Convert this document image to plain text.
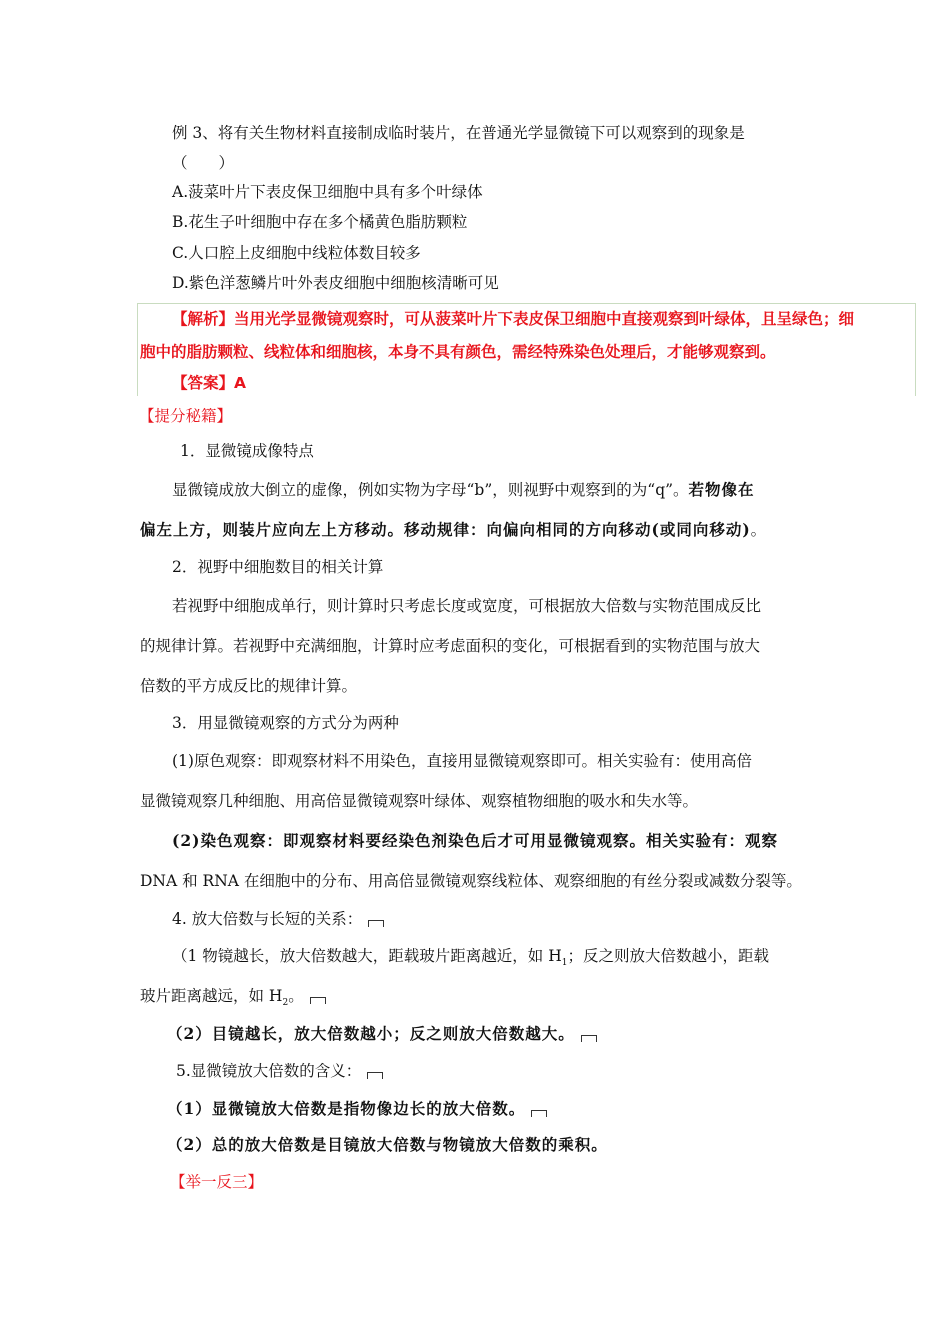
例 3、将有关生物材料直接制成临时装片，在普通光学显微镜下可以观察到的现象是
（　　）
A.菠菜叶片下表皮保卫细胞中具有多个叶绿体
B.花生子叶细胞中存在多个橘黄色脂肪颗粒
C.人口腔上皮细胞中线粒体数目较多
D.紫色洋葱鳞片叶外表皮细胞中细胞核清晰可见
【解析】当用光学显微镜观察时，可从菠菜叶片下表皮保卫细胞中直接观察到叶绿体，且呈绿色；细
胞中的脂肪颗粒、线粒体和细胞核，本身不具有颜色，需经特殊染色处理后，才能够观察到。
【答案】A
【提分秘籍】
1．显微镜成像特点
显微镜成放大倒立的虚像，例如实物为字母“b”，则视野中观察到的为“q”。若物像在
偏左上方，则装片应向左上方移动。移动规律：向偏向相同的方向移动(或同向移动)。
2．视野中细胞数目的相关计算
若视野中细胞成单行，则计算时只考虑长度或宽度，可根据放大倍数与实物范围成反比
的规律计算。若视野中充满细胞，计算时应考虑面积的变化，可根据看到的实物范围与放大
倍数的平方成反比的规律计算。
3．用显微镜观察的方式分为两种
(1)原色观察：即观察材料不用染色，直接用显微镜观察即可。相关实验有：使用高倍
显微镜观察几种细胞、用高倍显微镜观察叶绿体、观察植物细胞的吸水和失水等。
(2)染色观察：即观察材料要经染色剂染色后才可用显微镜观察。相关实验有：观察
DNA 和 RNA 在细胞中的分布、用高倍显微镜观察线粒体、观察细胞的有丝分裂或减数分裂等。
4. 放大倍数与长短的关系：
（1 物镜越长，放大倍数越大，距载玻片距离越近，如 $H_1$；反之则放大倍数越小，距载
玻片距离越远，如 $H_2$。
（2）目镜越长，放大倍数越小；反之则放大倍数越大。
5.显微镜放大倍数的含义：
（1）显微镜放大倍数是指物像边长的放大倍数。
（2）总的放大倍数是目镜放大倍数与物镜放大倍数的乘积。
【举一反三】
